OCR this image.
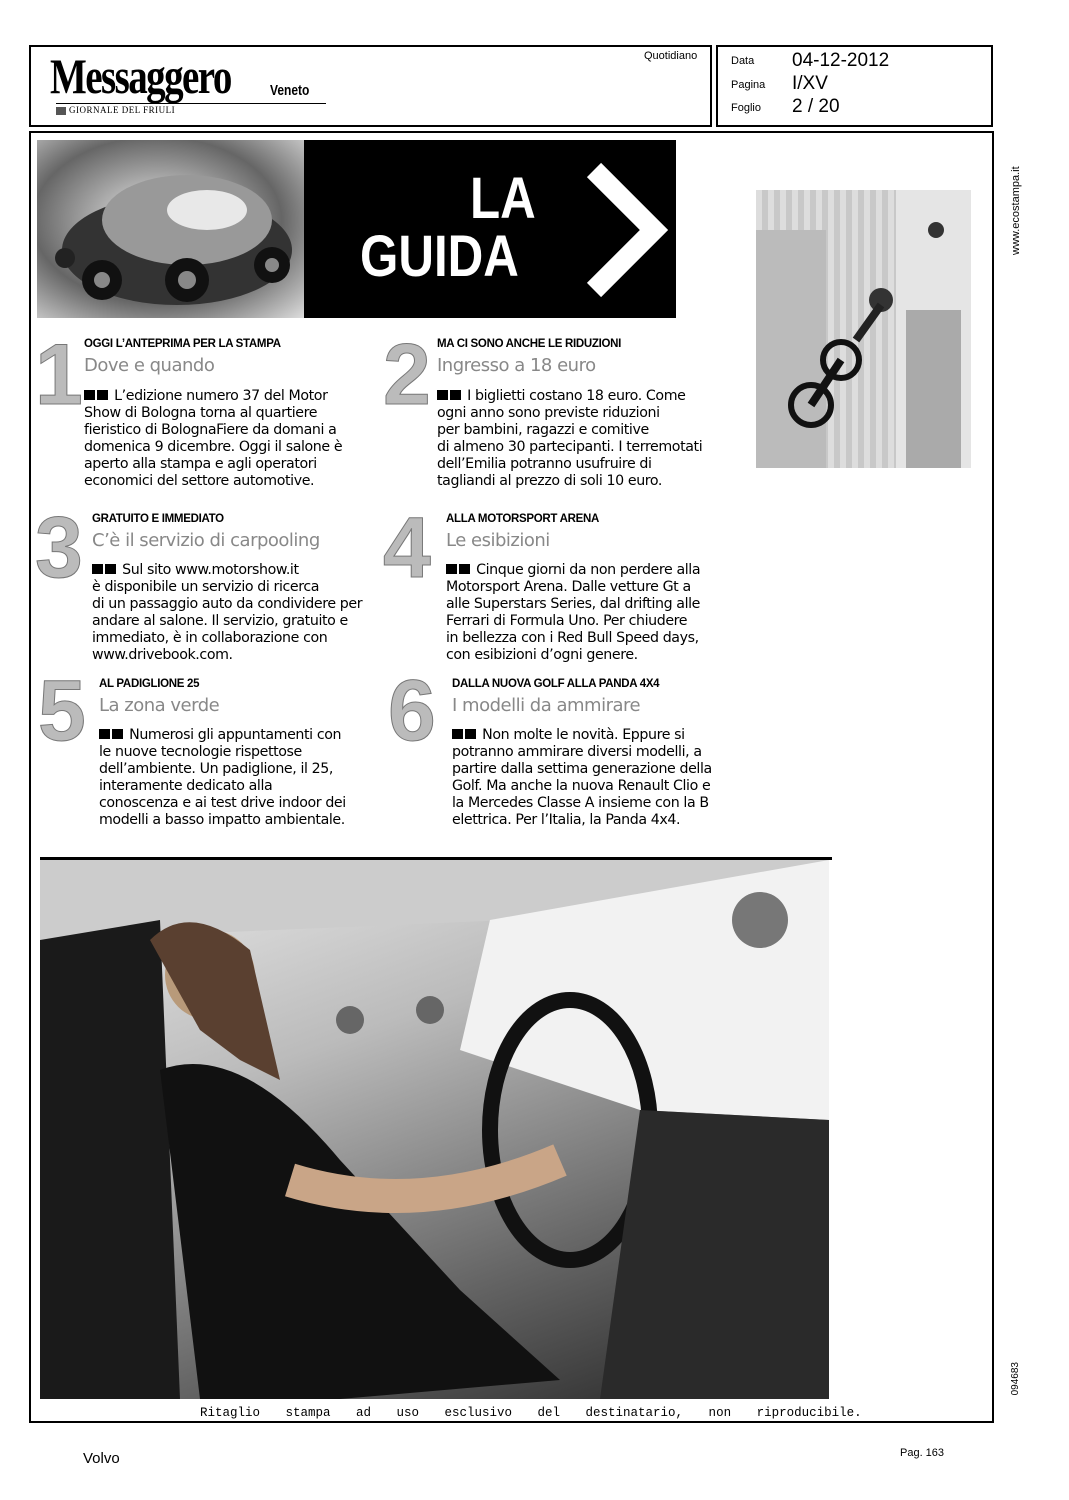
Messaggero	Veneto
GIORNALE DEL FRIULI
Quotidiano	Data 04-12-2012
Pagina I/XV
Foglio 2 / 20
www.ecostampa.it
094683
LA
GUIDA
1 OGGI L’ANTEPRIMA PER LA STAMPA
Dove e quando
L’edizione numero 37 del Motor
Show di Bologna torna al quartiere
fieristico di BolognaFiere da domani a
domenica 9 dicembre. Oggi il salone è
aperto alla stampa e agli operatori
economici del settore automotive.
2 MA CI SONO ANCHE LE RIDUZIONI
Ingresso a 18 euro
I biglietti costano 18 euro. Come
ogni anno sono previste riduzioni
per bambini, ragazzi e comitive
di almeno 30 partecipanti. I terremotati
dell’Emilia potranno usufruire di
tagliandi al prezzo di soli 10 euro.
3 GRATUITO E IMMEDIATO
C’è il servizio di carpooling
Sul sito www.motorshow.it
è disponibile un servizio di ricerca
di un passaggio auto da condividere per
andare al salone. Il servizio, gratuito e
immediato, è in collaborazione con
www.drivebook.com.
4 ALLA MOTORSPORT ARENA
Le esibizioni
Cinque giorni da non perdere alla
Motorsport Arena. Dalle vetture Gt a
alle Superstars Series, dal drifting alle
Ferrari di Formula Uno. Per chiudere
in bellezza con i Red Bull Speed days,
con esibizioni d’ogni genere.
5 AL PADIGLIONE 25
La zona verde
Numerosi gli appuntamenti con
le nuove tecnologie rispettose
dell’ambiente. Un padiglione, il 25,
interamente dedicato alla
conoscenza e ai test drive indoor dei
modelli a basso impatto ambientale.
6 DALLA NUOVA GOLF ALLA PANDA 4X4
I modelli da ammirare
Non molte le novità. Eppure si
potranno ammirare diversi modelli, a
partire dalla settima generazione della
Golf. Ma anche la nuova Renault Clio e
la Mercedes Classe A insieme con la B
elettrica. Per l’Italia, la Panda 4x4.
Ritaglio stampa ad uso esclusivo del destinatario, non riproducibile.
Volvo	Pag. 163
